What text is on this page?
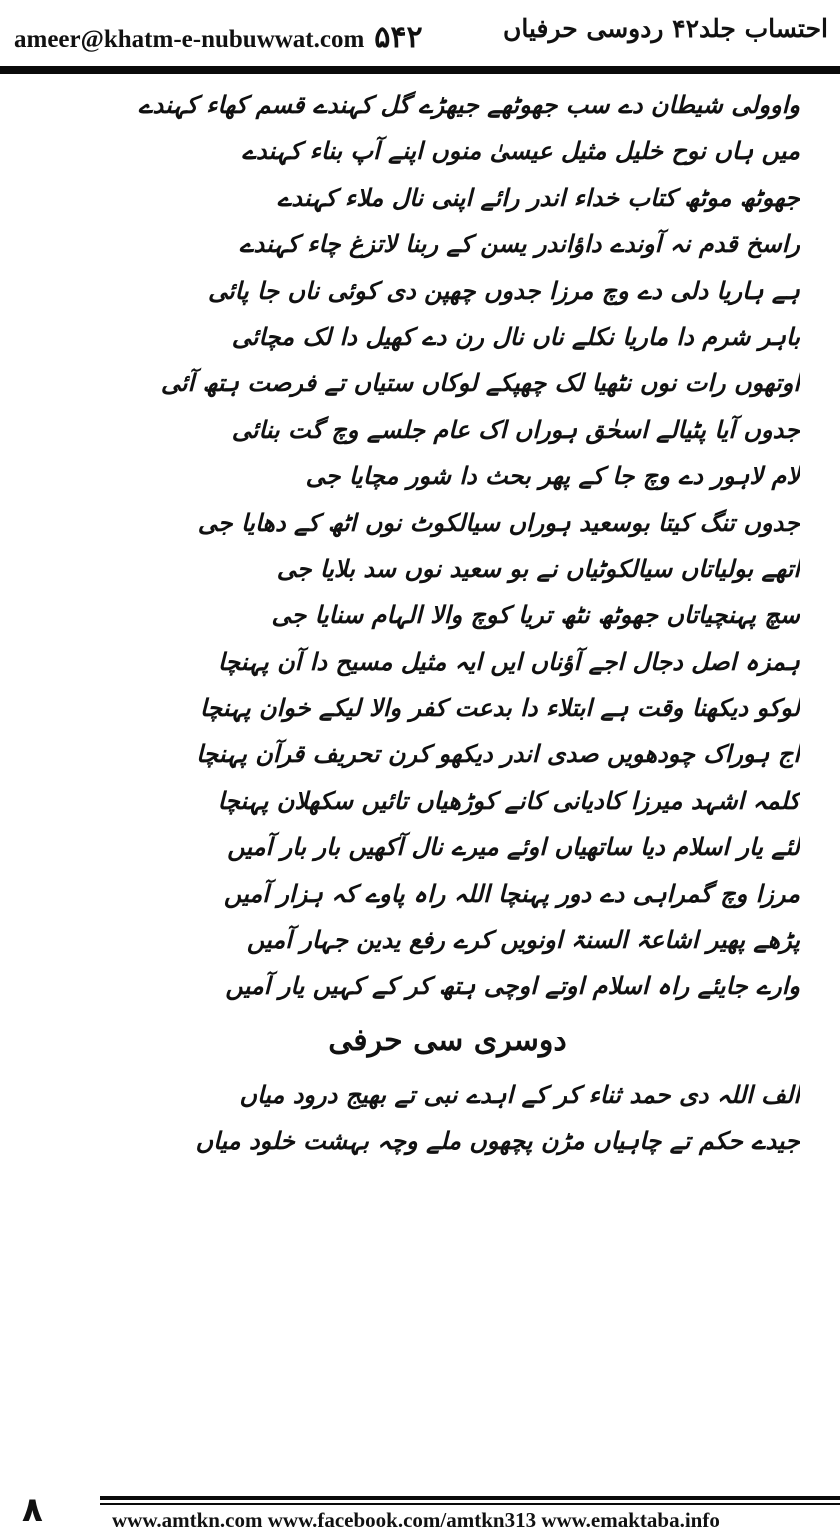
ameer@khatm-e-nubuwwat.com ۵۴۲	احتساب جلد۴۲ ردوسی حرفیاں
واوولی شیطان دے سب جھوٹھے جیھڑے گل کہندے قسم کھاء کہندے
میں ہاں نوح خلیل مثیل عیسیٰ منوں اپنے آپ بناء کہندے
جھوٹھ موٹھ کتاب خداء اندر رائے اپنی نال ملاء کہندے
راسخ قدم نہ آوندے داؤاندر یسن کے ربنا لاتزغ چاء کہندے
ہے ہاریا دلی دے وچ مرزا جدوں چھپن دی کوئی ناں جا پائی
باہر شرم دا ماریا نکلے ناں نال رن دے کھیل دا لک مچائی
اوتھوں رات نوں نٹھیا لک چھپکے لوکاں ستیاں تے فرصت ہتھ آئی
جدوں آیا پٹیالے اسحٰق ہوراں اک عام جلسے وچ گت بنائی
لام لاہور دے وچ جا کے پھر بحث دا شور مچایا جی
جدوں تنگ کیتا بوسعید ہوراں سیالکوٹ نوں اٹھ کے دھایا جی
اتھے بولیاتاں سیالکوٹیاں نے بو سعید نوں سد بلایا جی
سچ پہنچیاتاں جھوٹھ نٹھ تریا کوچ والا الہام سنایا جی
ہمزہ اصل دجال اجے آؤناں ایں ایہ مثیل مسیح دا آن پہنچا
لوکو دیکھنا وقت ہے ابتلاء دا بدعت کفر والا لیکے خوان پہنچا
اج ہوراک چودھویں صدی اندر دیکھو کرن تحریف قرآن پہنچا
کلمہ اشہد میرزا کادیانی کانے کوڑھیاں تائیں سکھلان پہنچا
لئے یار اسلام دیا ساتھیاں اوئے میرے نال آکھیں بار بار آمیں
مرزا وچ گمراہی دے دور پہنچا اللہ راہ پاوے کہ ہزار آمیں
پڑھے پھیر اشاعۃ السنۃ اونویں کرے رفع یدین جہار آمیں
وارے جایئے راہ اسلام اوتے اوچی ہتھ کر کے کہیں یار آمیں
دوسری سی حرفی
الف اللہ دی حمد ثناء کر کے اہدے نبی تے بھیج درود میاں
جیدے حکم تے چاہیاں مڑن پچھوں ملے وچہ بہشت خلود میاں
۸	www.amtkn.com www.facebook.com/amtkn313 www.emaktaba.info
